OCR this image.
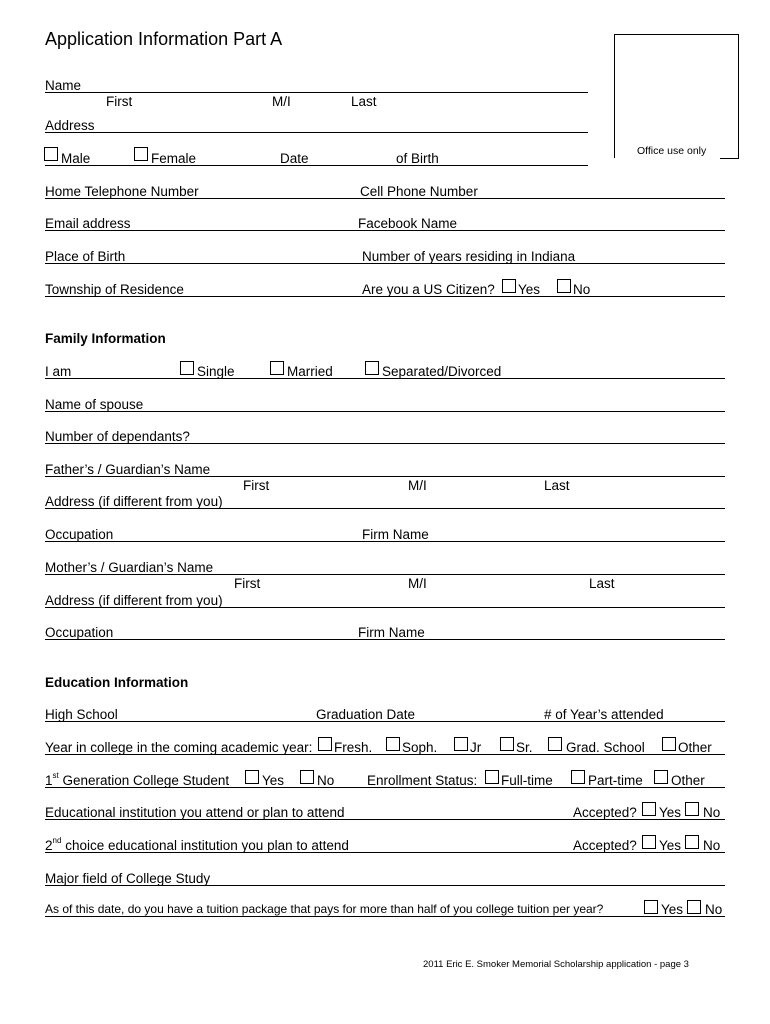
Application Information Part A
Office use only
Name
First	M/I	Last
Address
Male	Female	Date	of Birth
Home Telephone Number	Cell Phone Number
Email address	Facebook Name
Place of Birth	Number of years residing in Indiana
Township of Residence	Are you a US Citizen? Yes No
Family Information
I am	Single	Married	Separated/Divorced
Name of spouse
Number of dependants?
Father’s / Guardian’s Name
First	M/I	Last
Address (if different from you)
Occupation	Firm Name
Mother’s / Guardian’s Name
First	M/I	Last
Address (if different from you)
Occupation	Firm Name
Education Information
High School	Graduation Date	# of Year’s attended
Year in college in the coming academic year: Fresh. Soph. Jr	Sr. Grad. School Other
1st Generation College Student Yes No Enrollment Status: Full-time	Part-time Other
Educational institution you attend or plan to attend	Accepted? Yes No
2nd choice educational institution you plan to attend	Accepted? Yes No
Major field of College Study
As of this date, do you have a tuition package that pays for more than half of you college tuition per year?	Yes No
2011 Eric E. Smoker Memorial Scholarship application - page 3
